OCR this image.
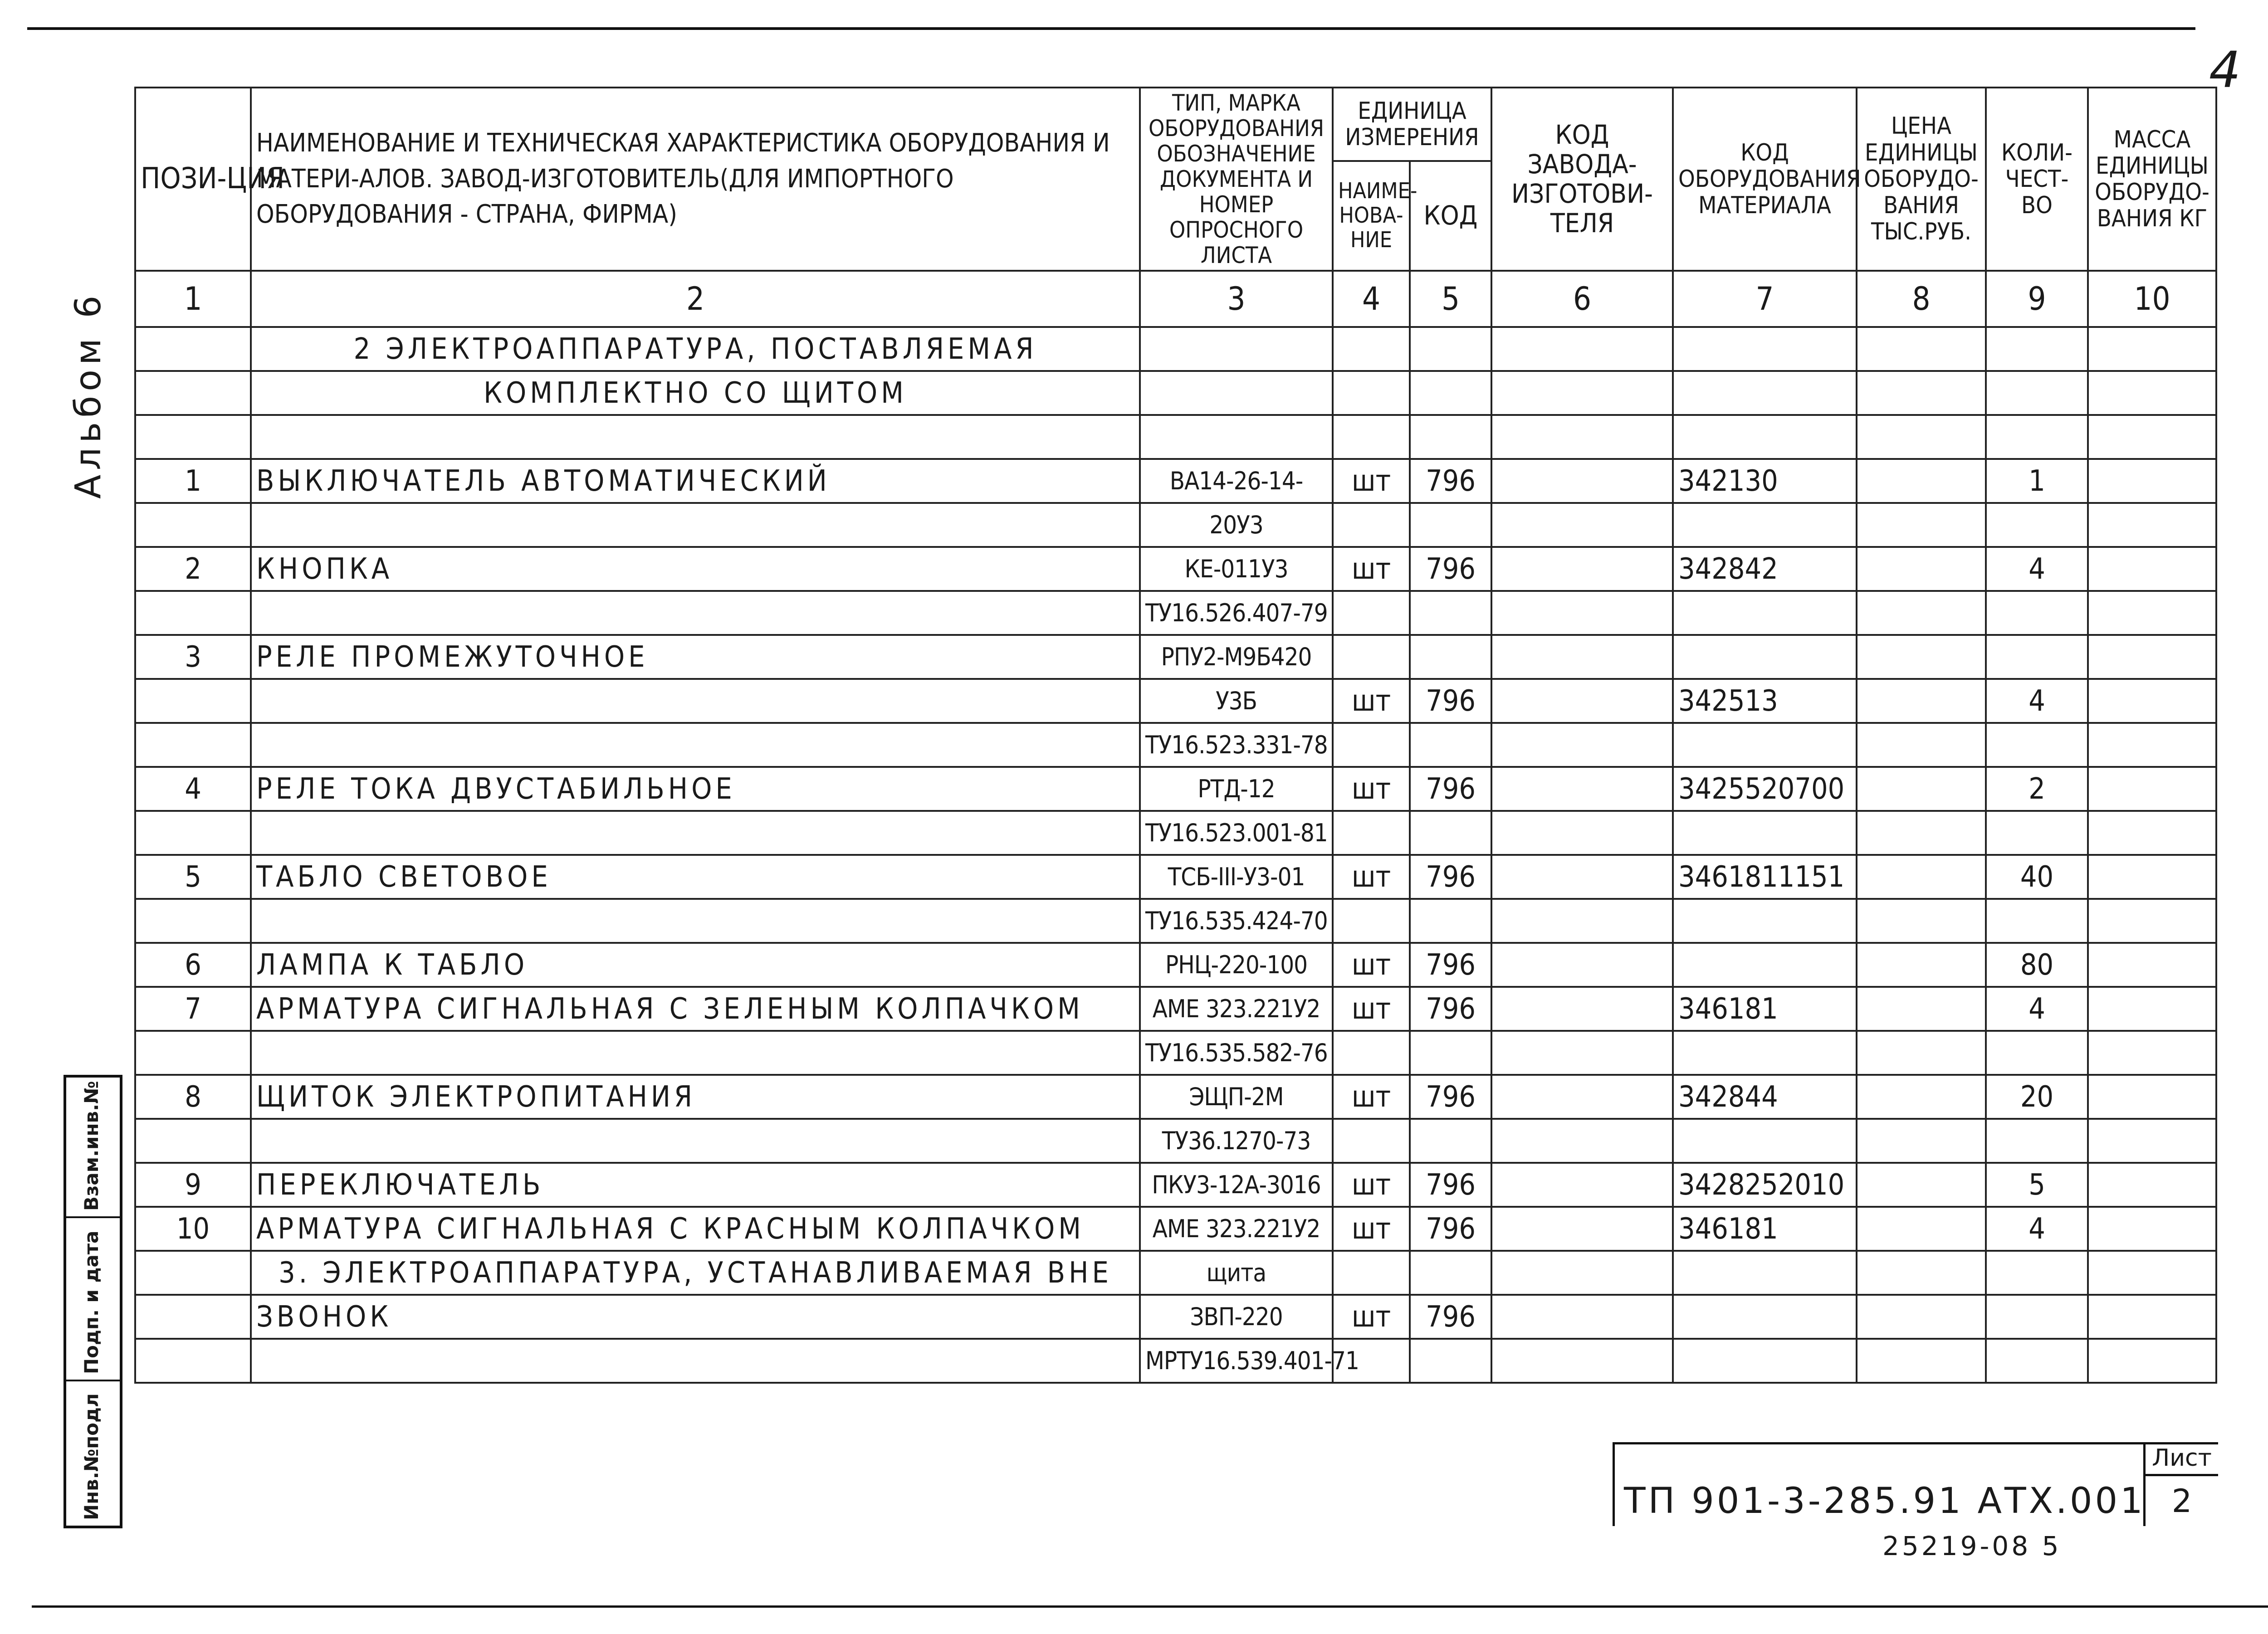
4
Альбом 6
Взам.инв.№
Подп. и дата
Инв.№подл
ПОЗИ-ЦИЯ	НАИМЕНОВАНИЕ И ТЕХНИЧЕСКАЯ ХАРАКТЕРИСТИКА ОБОРУДОВАНИЯ И МАТЕРИ-АЛОВ. ЗАВОД-ИЗГОТОВИТЕЛЬ(ДЛЯ ИМПОРТНОГО ОБОРУДОВАНИЯ - СТРАНА, ФИРМА)	ТИП, МАРКА ОБОРУДОВАНИЯ ОБОЗНАЧЕНИЕ ДОКУМЕНТА И НОМЕР ОПРОСНОГО ЛИСТА	ЕДИНИЦА ИЗМЕРЕНИЯ		КОД ЗАВОДА-ИЗГОТОВИ-ТЕЛЯ	КОД ОБОРУДОВАНИЯ МАТЕРИАЛА	ЦЕНА ЕДИНИЦЫ ОБОРУДО-ВАНИЯ ТЫС.РУБ.	КОЛИ-ЧЕСТ-ВО	МАССА ЕДИНИЦЫ ОБОРУДО-ВАНИЯ КГ
			НАИМЕ-НОВА-НИЕ	КОД					
1	2	3	4	5	6	7	8	9	10
	2 ЭЛЕКТРОАППАРАТУРА, ПОСТАВЛЯЕМАЯ								
	КОМПЛЕКТНО СО ЩИТОМ								

1	ВЫКЛЮЧАТЕЛЬ АВТОМАТИЧЕСКИЙ	ВА14-26-14-	шт	796		342130		1	
		20У3							
2	КНОПКА	КЕ-011У3	шт	796		342842		4	
		ТУ16.526.407-79							
3	РЕЛЕ ПРОМЕЖУТОЧНОЕ	РПУ2-М9Б420							
		У3Б	шт	796		342513		4	
		ТУ16.523.331-78							
4	РЕЛЕ ТОКА ДВУСТАБИЛЬНОЕ	РТД-12	шт	796		3425520700		2	
		ТУ16.523.001-81							
5	ТАБЛО СВЕТОВОЕ	ТСБ-III-У3-01	шт	796		3461811151		40	
		ТУ16.535.424-70							
6	ЛАМПА К ТАБЛО	РНЦ-220-100	шт	796				80	
7	АРМАТУРА СИГНАЛЬНАЯ С ЗЕЛЕНЫМ КОЛПАЧКОМ	АМЕ 323.221У2	шт	796		346181		4	
		ТУ16.535.582-76							
8	ЩИТОК ЭЛЕКТРОПИТАНИЯ	ЭЩП-2М	шт	796		342844		20	
		ТУ36.1270-73							
9	ПЕРЕКЛЮЧАТЕЛЬ	ПКУ3-12А-3016	шт	796		3428252010		5	
10	АРМАТУРА СИГНАЛЬНАЯ С КРАСНЫМ КОЛПАЧКОМ	АМЕ 323.221У2	шт	796		346181		4	
	3. ЭЛЕКТРОАППАРАТУРА, УСТАНАВЛИВАЕМАЯ ВНЕ	щита							
	ЗВОНОК	ЗВП-220	шт	796					
		МРТУ16.539.401-71							
ТП 901-3-285.91 АТХ.001
Лист
2
25219-08 5
